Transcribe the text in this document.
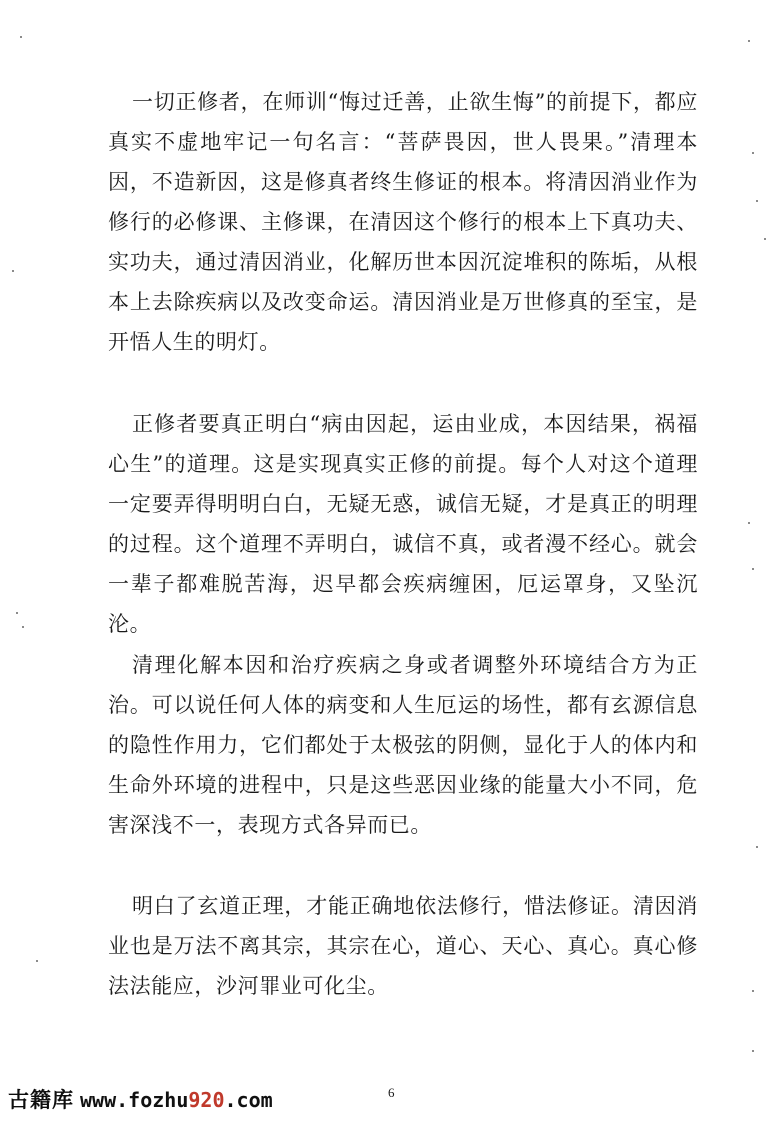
一切正修者，在师训“悔过迁善，止欲生悔”的前提下，都应真实不虚地牢记一句名言：“菩萨畏因，世人畏果。”清理本因，不造新因，这是修真者终生修证的根本。将清因消业作为修行的必修课、主修课，在清因这个修行的根本上下真功夫、实功夫，通过清因消业，化解历世本因沉淀堆积的陈垢，从根本上去除疾病以及改变命运。清因消业是万世修真的至宝，是开悟人生的明灯。

正修者要真正明白“病由因起，运由业成，本因结果，祸福心生”的道理。这是实现真实正修的前提。每个人对这个道理一定要弄得明明白白，无疑无惑，诚信无疑，才是真正的明理的过程。这个道理不弄明白，诚信不真，或者漫不经心。就会一辈子都难脱苦海，迟早都会疾病缠困，厄运罩身，又坠沉沦。

清理化解本因和治疗疾病之身或者调整外环境结合方为正治。可以说任何人体的病变和人生厄运的场性，都有玄源信息的隐性作用力，它们都处于太极弦的阴侧，显化于人的体内和生命外环境的进程中，只是这些恶因业缘的能量大小不同，危害深浅不一，表现方式各异而已。

明白了玄道正理，才能正确地依法修行，惜法修证。清因消业也是万法不离其宗，其宗在心，道心、天心、真心。真心修法法能应，沙河罪业可化尘。

6
古籍库 www.fozhu920.com
